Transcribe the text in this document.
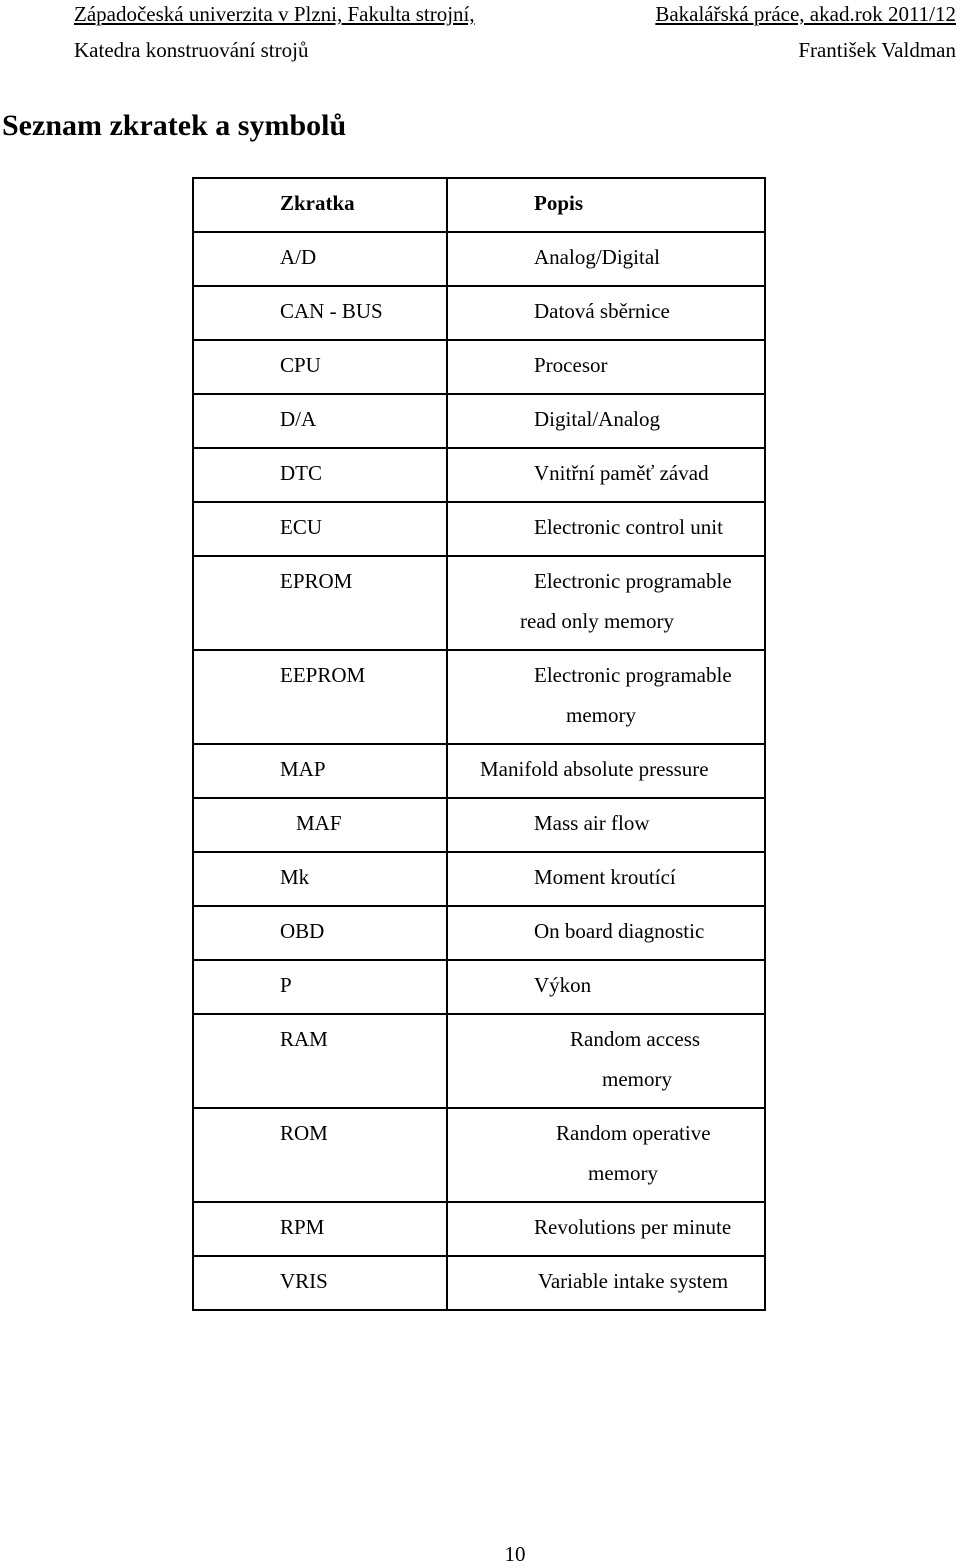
Západočeská univerzita v Plzni, Fakulta strojní,	Bakalářská práce, akad.rok 2011/12
Katedra konstruování strojů	František Valdman
Seznam zkratek a symbolů
Zkratka	Popis

A/D	Analog/Digital

CAN - BUS	Datová sběrnice

CPU	Procesor

D/A	Digital/Analog

DTC	Vnitřní paměť závad

ECU	Electronic control unit

EPROM	Electronic programable
read only memory

EEPROM	Electronic programable
memory

MAP	Manifold absolute pressure

MAF	Mass air flow

Mk	Moment kroutící

OBD	On board diagnostic

P	Výkon

RAM	Random access
memory

ROM	Random operative
memory

RPM	Revolutions per minute

VRIS	Variable intake system
10
